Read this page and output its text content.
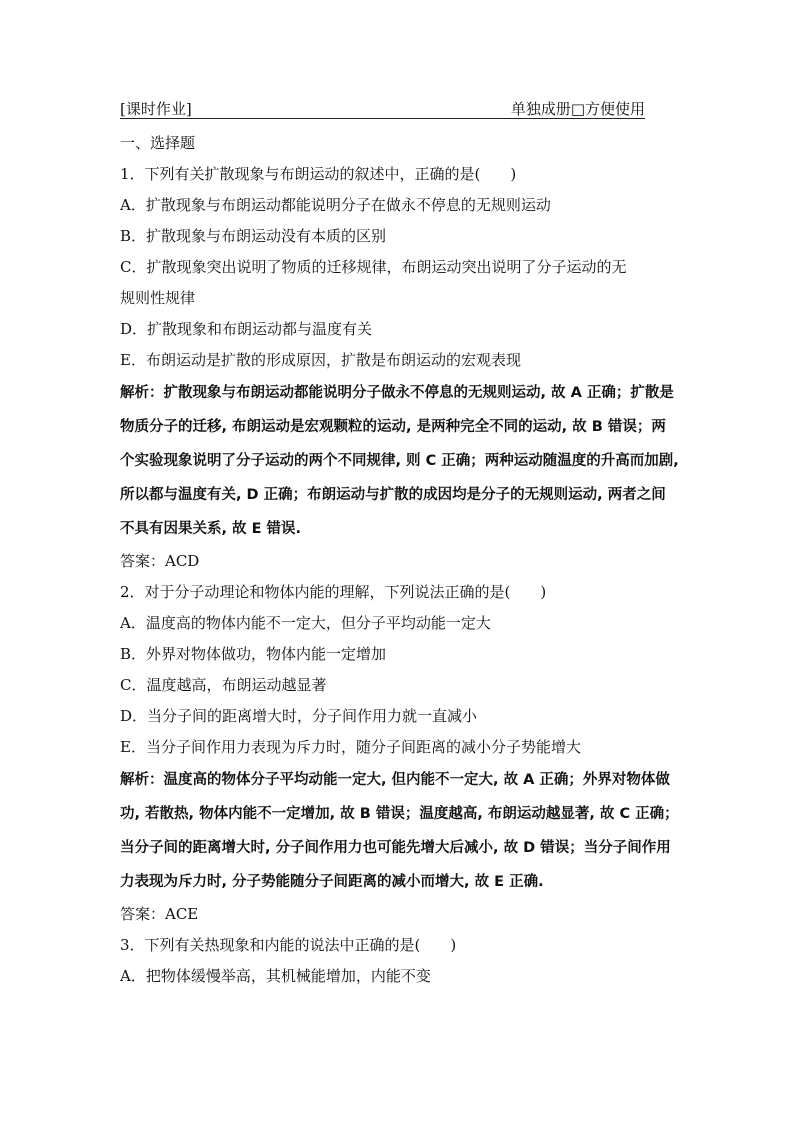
[课时作业]	单独成册□方便使用
一、选择题
1．下列有关扩散现象与布朗运动的叙述中，正确的是(　　)
A．扩散现象与布朗运动都能说明分子在做永不停息的无规则运动
B．扩散现象与布朗运动没有本质的区别
C．扩散现象突出说明了物质的迁移规律，布朗运动突出说明了分子运动的无
规则性规律
D．扩散现象和布朗运动都与温度有关
E．布朗运动是扩散的形成原因，扩散是布朗运动的宏观表现
解析：扩散现象与布朗运动都能说明分子做永不停息的无规则运动, 故 A 正确；扩散是物质分子的迁移, 布朗运动是宏观颗粒的运动, 是两种完全不同的运动, 故 B 错误；两个实验现象说明了分子运动的两个不同规律, 则 C 正确；两种运动随温度的升高而加剧, 所以都与温度有关, D 正确；布朗运动与扩散的成因均是分子的无规则运动, 两者之间不具有因果关系, 故 E 错误.
答案：ACD
2．对于分子动理论和物体内能的理解，下列说法正确的是(　　)
A．温度高的物体内能不一定大，但分子平均动能一定大
B．外界对物体做功，物体内能一定增加
C．温度越高，布朗运动越显著
D．当分子间的距离增大时，分子间作用力就一直减小
E．当分子间作用力表现为斥力时，随分子间距离的减小分子势能增大
解析：温度高的物体分子平均动能一定大, 但内能不一定大, 故 A 正确；外界对物体做功, 若散热, 物体内能不一定增加, 故 B 错误；温度越高, 布朗运动越显著, 故 C 正确；当分子间的距离增大时, 分子间作用力也可能先增大后减小, 故 D 错误；当分子间作用力表现为斥力时, 分子势能随分子间距离的减小而增大, 故 E 正确.
答案：ACE
3．下列有关热现象和内能的说法中正确的是(　　)
A．把物体缓慢举高，其机械能增加，内能不变
